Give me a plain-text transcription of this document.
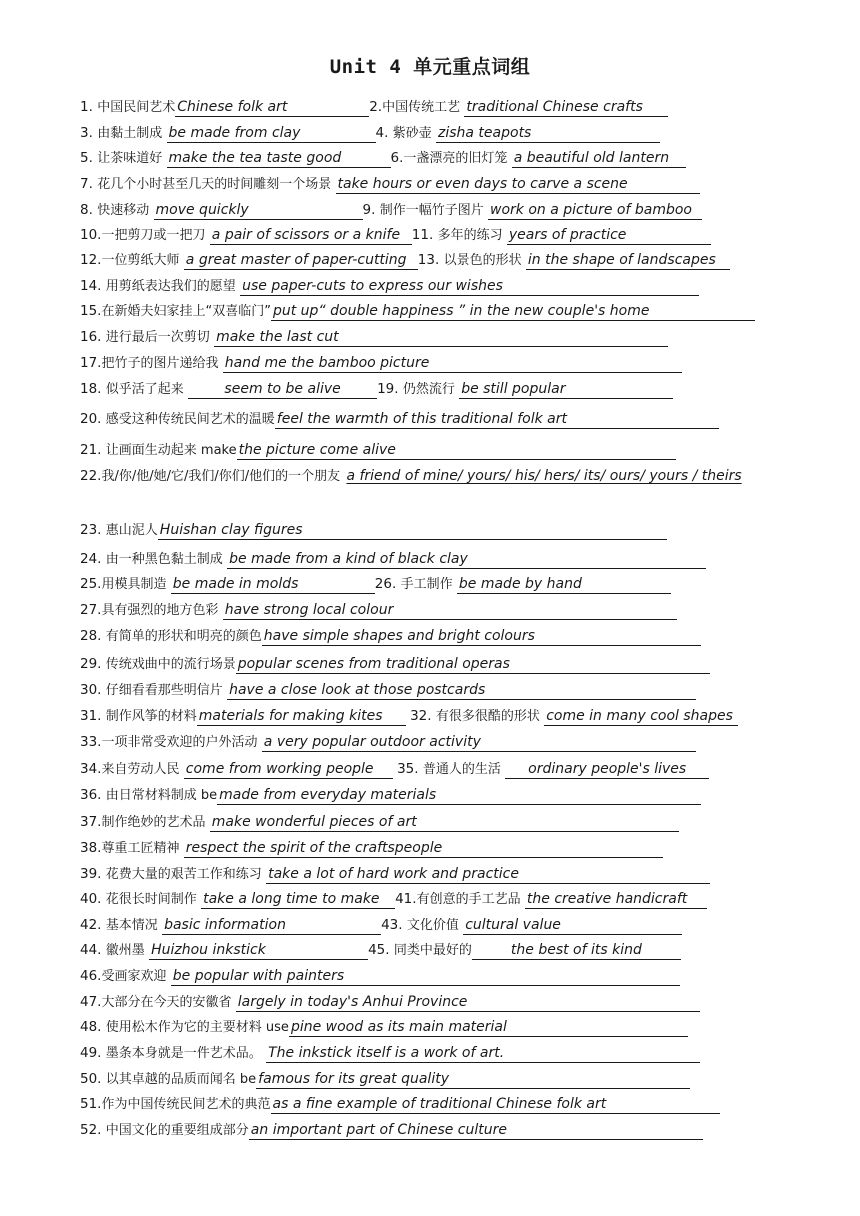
Unit 4 单元重点词组
1. 中国民间艺术 Chinese folk art	2.中国传统工艺 traditional Chinese crafts
3. 由黏土制成 be made from clay	4. 紫砂壶 zisha teapots
5. 让茶味道好 make the tea taste good	6.一盏漂亮的旧灯笼 a beautiful old lantern
7. 花几个小时甚至几天的时间雕刻一个场景 take hours or even days to carve a scene
8. 快速移动 move quickly	9. 制作一幅竹子图片 work on a picture of bamboo
10.一把剪刀或一把刀 a pair of scissors or a knife 11. 多年的练习 years of practice
12.一位剪纸大师 a great master of paper-cutting 13. 以景色的形状 in the shape of landscapes
14. 用剪纸表达我们的愿望 use paper-cuts to express our wishes
15.在新婚夫妇家挂上“双喜临门” put up“ double happiness ” in the new couple's home
16. 进行最后一次剪切 make the last cut
17.把竹子的图片递给我 hand me the bamboo picture
18. 似乎活了起来	seem to be alive	19. 仍然流行 be still popular
20. 感受这种传统民间艺术的温暖 feel the warmth of this traditional folk art
21. 让画面生动起来 make the picture come alive
22.我/你/他/她/它/我们/你们/他们的一个朋友 a friend of mine/ yours/ his/ hers/ its/ ours/ yours / theirs
23. 惠山泥人 Huishan clay figures
24. 由一种黑色黏土制成 be made from a kind of black clay
25.用模具制造 be made in molds	26. 手工制作 be made by hand
27.具有强烈的地方色彩 have strong local colour
28. 有简单的形状和明亮的颜色 have simple shapes and bright colours
29. 传统戏曲中的流行场景 popular scenes from traditional operas
30. 仔细看看那些明信片 have a close look at those postcards
31. 制作风筝的材料 materials for making kites 32. 有很多很酷的形状 come in many cool shapes
33.一项非常受欢迎的户外活动 a very popular outdoor activity
34.来自劳动人民 come from working people 35. 普通人的生活 ordinary people's lives
36. 由日常材料制成 be made from everyday materials
37.制作绝妙的艺术品 make wonderful pieces of art
38.尊重工匠精神 respect the spirit of the craftspeople
39. 花费大量的艰苦工作和练习 take a lot of hard work and practice
40. 花很长时间制作 take a long time to make 41.有创意的手工艺品 the creative handicraft
42. 基本情况 basic information	43. 文化价值 cultural value
44. 徽州墨 Huizhou inkstick	45. 同类中最好的	the best of its kind
46.受画家欢迎 be popular with painters
47.大部分在今天的安徽省 largely in today's Anhui Province
48. 使用松木作为它的主要材料 use pine wood as its main material
49. 墨条本身就是一件艺术品。 The inkstick itself is a work of art.
50. 以其卓越的品质而闻名 be famous for its great quality
51.作为中国传统民间艺术的典范 as a fine example of traditional Chinese folk art
52. 中国文化的重要组成部分 an important part of Chinese culture
